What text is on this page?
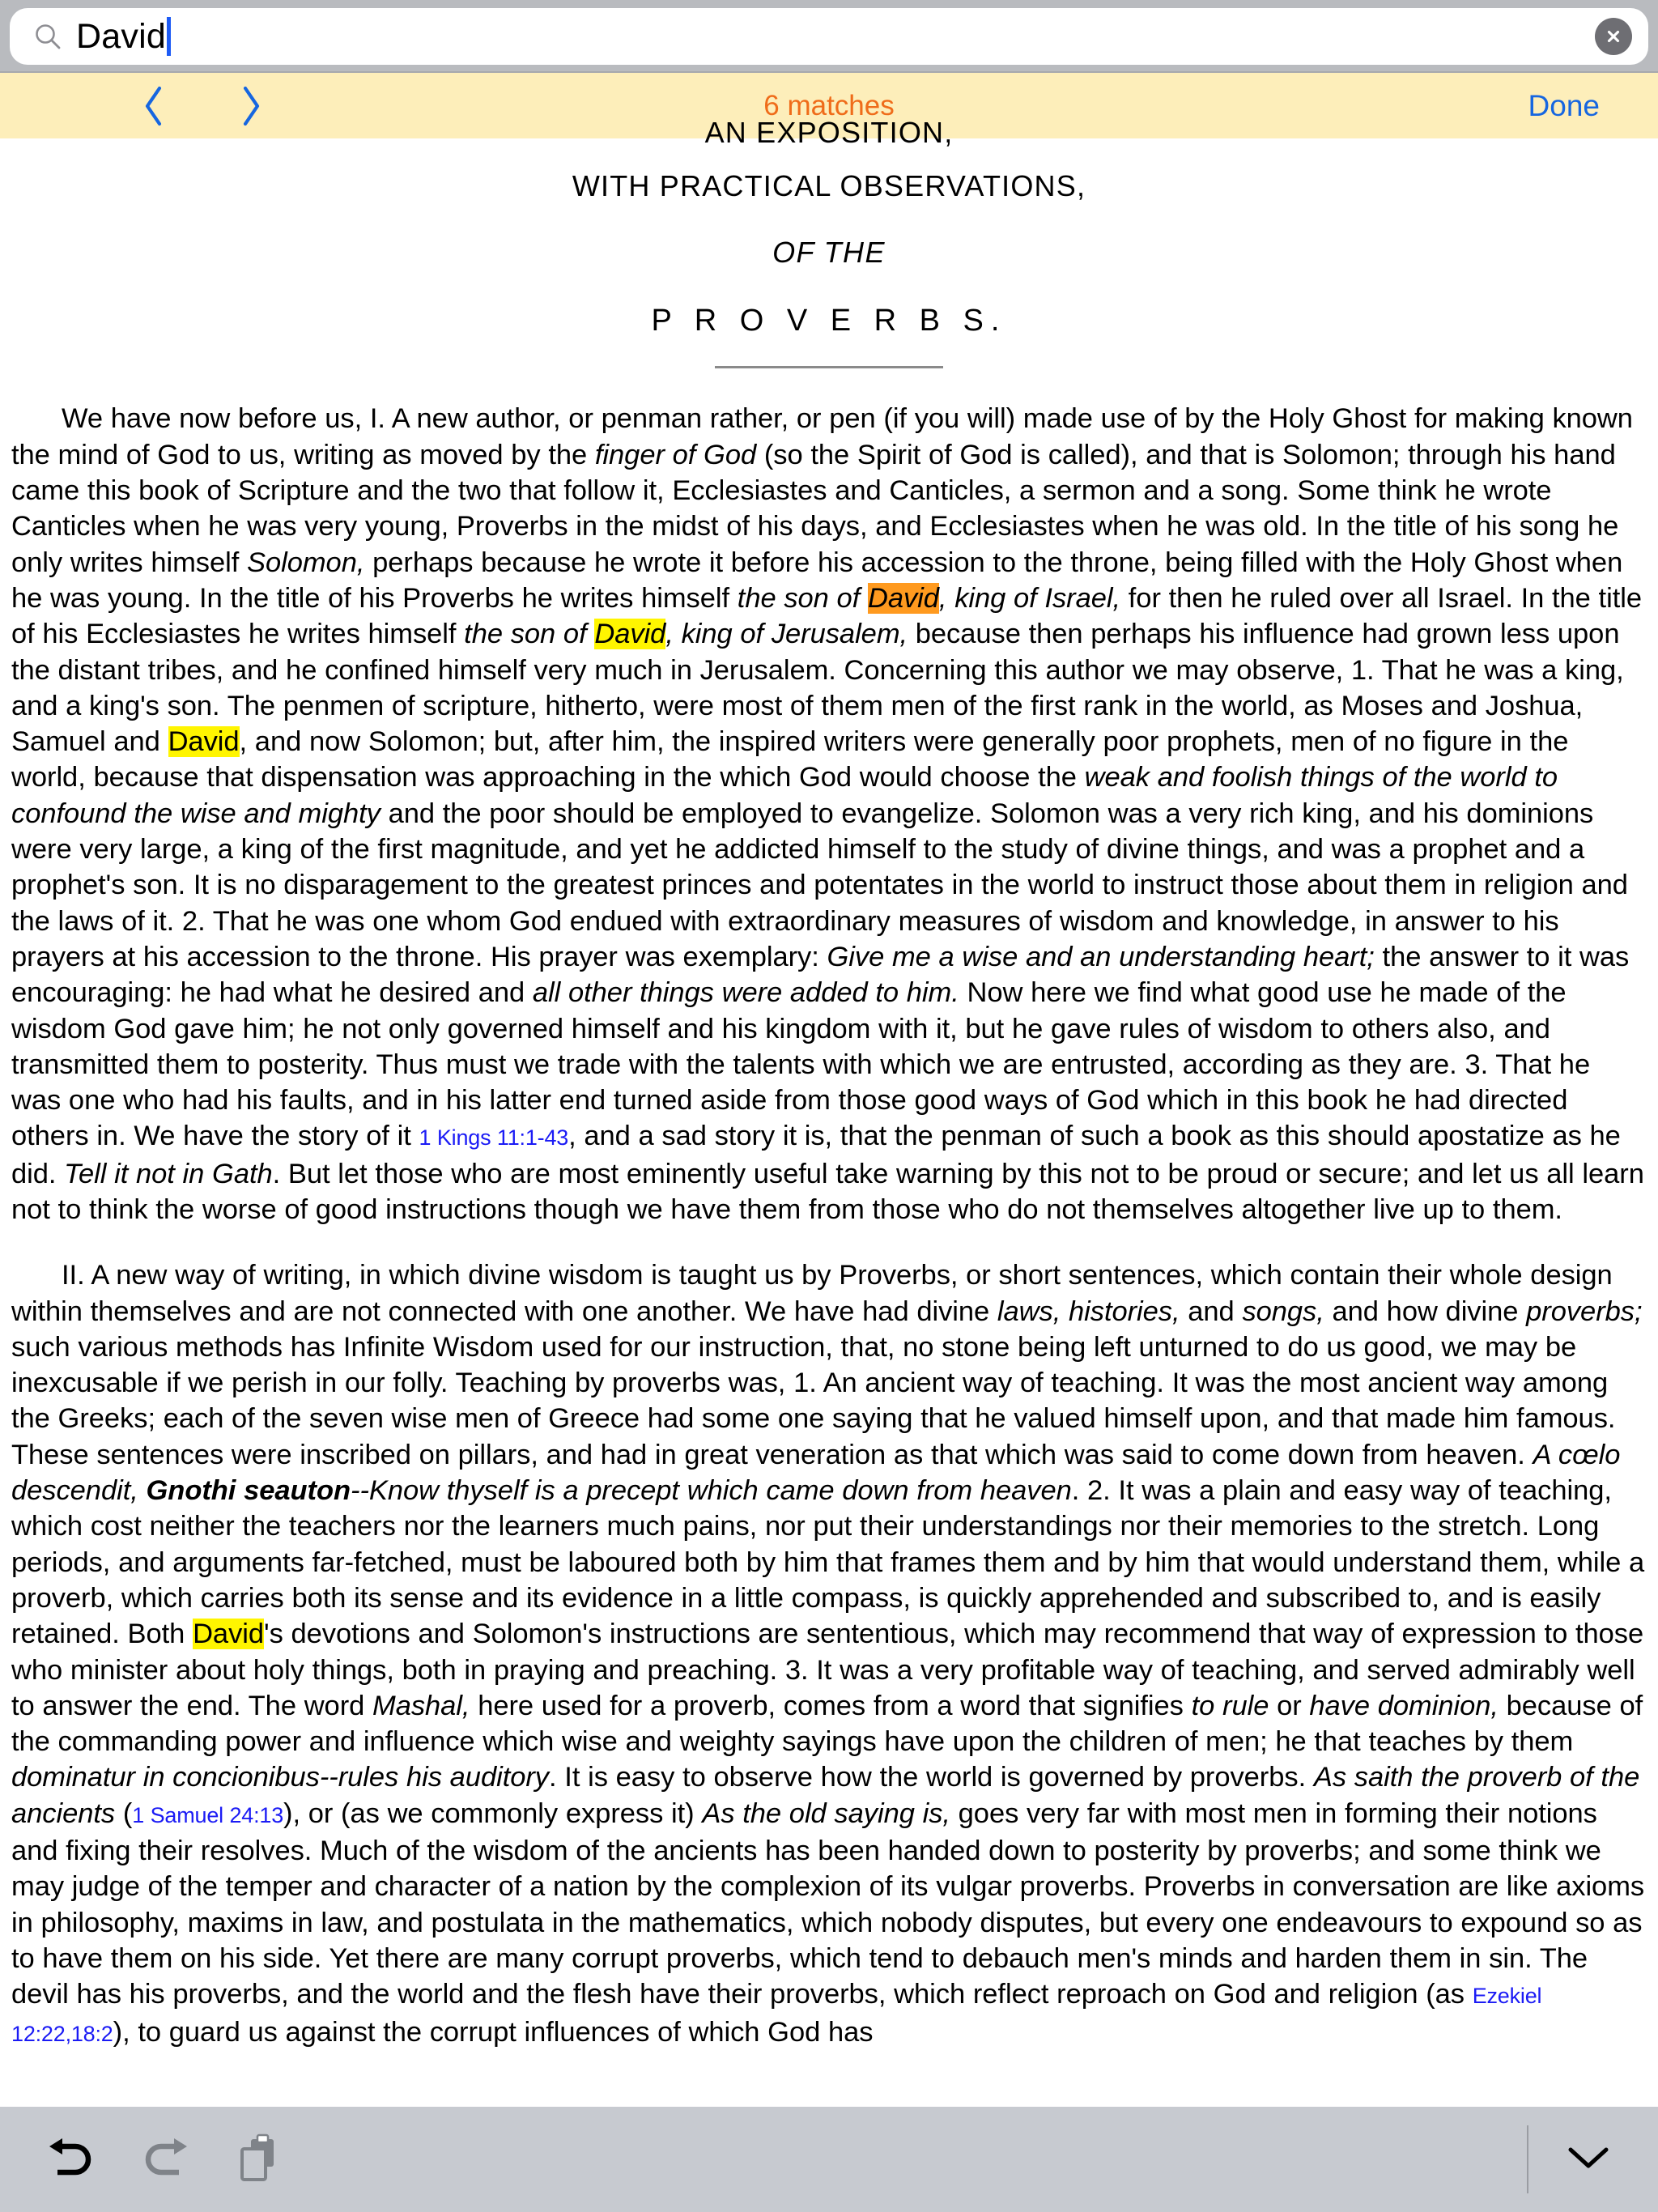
David
6 matches	Done
AN EXPOSITION,
WITH PRACTICAL OBSERVATIONS,
OF THE
P R O V E R B S.

We have now before us, I. A new author, or penman rather, or pen (if you will) made use of by the Holy Ghost for making known the mind of God to us, writing as moved by the finger of God (so the Spirit of God is called), and that is Solomon; through his hand came this book of Scripture and the two that follow it, Ecclesiastes and Canticles, a sermon and a song. Some think he wrote Canticles when he was very young, Proverbs in the midst of his days, and Ecclesiastes when he was old. In the title of his song he only writes himself Solomon, perhaps because he wrote it before his accession to the throne, being filled with the Holy Ghost when he was young. In the title of his Proverbs he writes himself the son of David, king of Israel, for then he ruled over all Israel. In the title of his Ecclesiastes he writes himself the son of David, king of Jerusalem, because then perhaps his influence had grown less upon the distant tribes, and he confined himself very much in Jerusalem. Concerning this author we may observe, 1. That he was a king, and a king's son. The penmen of scripture, hitherto, were most of them men of the first rank in the world, as Moses and Joshua, Samuel and David, and now Solomon; but, after him, the inspired writers were generally poor prophets, men of no figure in the world, because that dispensation was approaching in the which God would choose the weak and foolish things of the world to confound the wise and mighty and the poor should be employed to evangelize. Solomon was a very rich king, and his dominions were very large, a king of the first magnitude, and yet he addicted himself to the study of divine things, and was a prophet and a prophet's son. It is no disparagement to the greatest princes and potentates in the world to instruct those about them in religion and the laws of it. 2. That he was one whom God endued with extraordinary measures of wisdom and knowledge, in answer to his prayers at his accession to the throne. His prayer was exemplary: Give me a wise and an understanding heart; the answer to it was encouraging: he had what he desired and all other things were added to him. Now here we find what good use he made of the wisdom God gave him; he not only governed himself and his kingdom with it, but he gave rules of wisdom to others also, and transmitted them to posterity. Thus must we trade with the talents with which we are entrusted, according as they are. 3. That he was one who had his faults, and in his latter end turned aside from those good ways of God which in this book he had directed others in. We have the story of it 1 Kings 11:1-43, and a sad story it is, that the penman of such a book as this should apostatize as he did. Tell it not in Gath. But let those who are most eminently useful take warning by this not to be proud or secure; and let us all learn not to think the worse of good instructions though we have them from those who do not themselves altogether live up to them.

II. A new way of writing, in which divine wisdom is taught us by Proverbs, or short sentences, which contain their whole design within themselves and are not connected with one another. We have had divine laws, histories, and songs, and how divine proverbs; such various methods has Infinite Wisdom used for our instruction, that, no stone being left unturned to do us good, we may be inexcusable if we perish in our folly. Teaching by proverbs was, 1. An ancient way of teaching. It was the most ancient way among the Greeks; each of the seven wise men of Greece had some one saying that he valued himself upon, and that made him famous. These sentences were inscribed on pillars, and had in great veneration as that which was said to come down from heaven. A cœlo descendit, Gnothi seauton--Know thyself is a precept which came down from heaven. 2. It was a plain and easy way of teaching, which cost neither the teachers nor the learners much pains, nor put their understandings nor their memories to the stretch. Long periods, and arguments far-fetched, must be laboured both by him that frames them and by him that would understand them, while a proverb, which carries both its sense and its evidence in a little compass, is quickly apprehended and subscribed to, and is easily retained. Both David's devotions and Solomon's instructions are sententious, which may recommend that way of expression to those who minister about holy things, both in praying and preaching. 3. It was a very profitable way of teaching, and served admirably well to answer the end. The word Mashal, here used for a proverb, comes from a word that signifies to rule or have dominion, because of the commanding power and influence which wise and weighty sayings have upon the children of men; he that teaches by them dominatur in concionibus--rules his auditory. It is easy to observe how the world is governed by proverbs. As saith the proverb of the ancients (1 Samuel 24:13), or (as we commonly express it) As the old saying is, goes very far with most men in forming their notions and fixing their resolves. Much of the wisdom of the ancients has been handed down to posterity by proverbs; and some think we may judge of the temper and character of a nation by the complexion of its vulgar proverbs. Proverbs in conversation are like axioms in philosophy, maxims in law, and postulata in the mathematics, which nobody disputes, but every one endeavours to expound so as to have them on his side. Yet there are many corrupt proverbs, which tend to debauch men's minds and harden them in sin. The devil has his proverbs, and the world and the flesh have their proverbs, which reflect reproach on God and religion (as Ezekiel 12:22,18:2), to guard us against the corrupt influences of which God has
